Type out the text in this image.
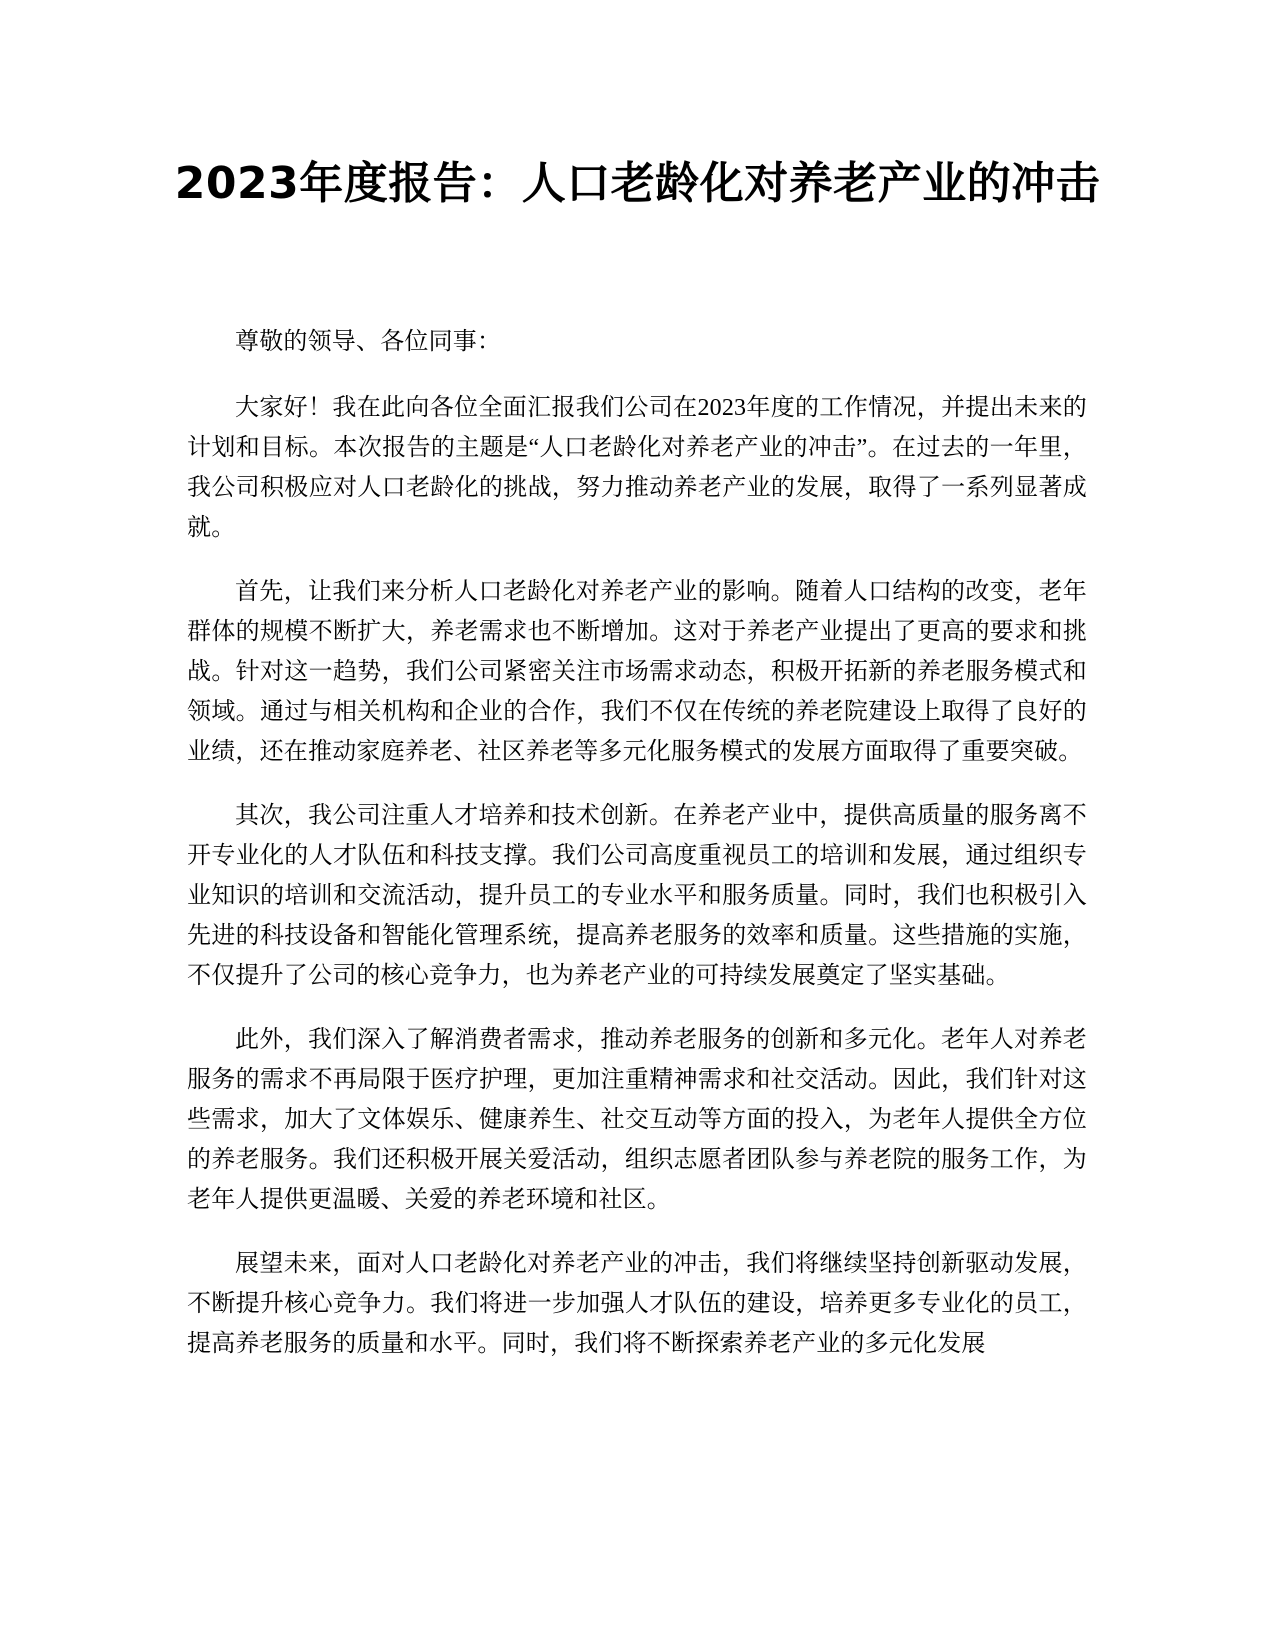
2023年度报告：人口老龄化对养老产业的冲击

尊敬的领导、各位同事：

大家好！我在此向各位全面汇报我们公司在2023年度的工作情况，并提出未来的计划和目标。本次报告的主题是“人口老龄化对养老产业的冲击”。在过去的一年里，我公司积极应对人口老龄化的挑战，努力推动养老产业的发展，取得了一系列显著成就。

首先，让我们来分析人口老龄化对养老产业的影响。随着人口结构的改变，老年群体的规模不断扩大，养老需求也不断增加。这对于养老产业提出了更高的要求和挑战。针对这一趋势，我们公司紧密关注市场需求动态，积极开拓新的养老服务模式和领域。通过与相关机构和企业的合作，我们不仅在传统的养老院建设上取得了良好的业绩，还在推动家庭养老、社区养老等多元化服务模式的发展方面取得了重要突破。

其次，我公司注重人才培养和技术创新。在养老产业中，提供高质量的服务离不开专业化的人才队伍和科技支撑。我们公司高度重视员工的培训和发展，通过组织专业知识的培训和交流活动，提升员工的专业水平和服务质量。同时，我们也积极引入先进的科技设备和智能化管理系统，提高养老服务的效率和质量。这些措施的实施，不仅提升了公司的核心竞争力，也为养老产业的可持续发展奠定了坚实基础。

此外，我们深入了解消费者需求，推动养老服务的创新和多元化。老年人对养老服务的需求不再局限于医疗护理，更加注重精神需求和社交活动。因此，我们针对这些需求，加大了文体娱乐、健康养生、社交互动等方面的投入，为老年人提供全方位的养老服务。我们还积极开展关爱活动，组织志愿者团队参与养老院的服务工作，为老年人提供更温暖、关爱的养老环境和社区。

展望未来，面对人口老龄化对养老产业的冲击，我们将继续坚持创新驱动发展，不断提升核心竞争力。我们将进一步加强人才队伍的建设，培养更多专业化的员工，提高养老服务的质量和水平。同时，我们将不断探索养老产业的多元化发展
